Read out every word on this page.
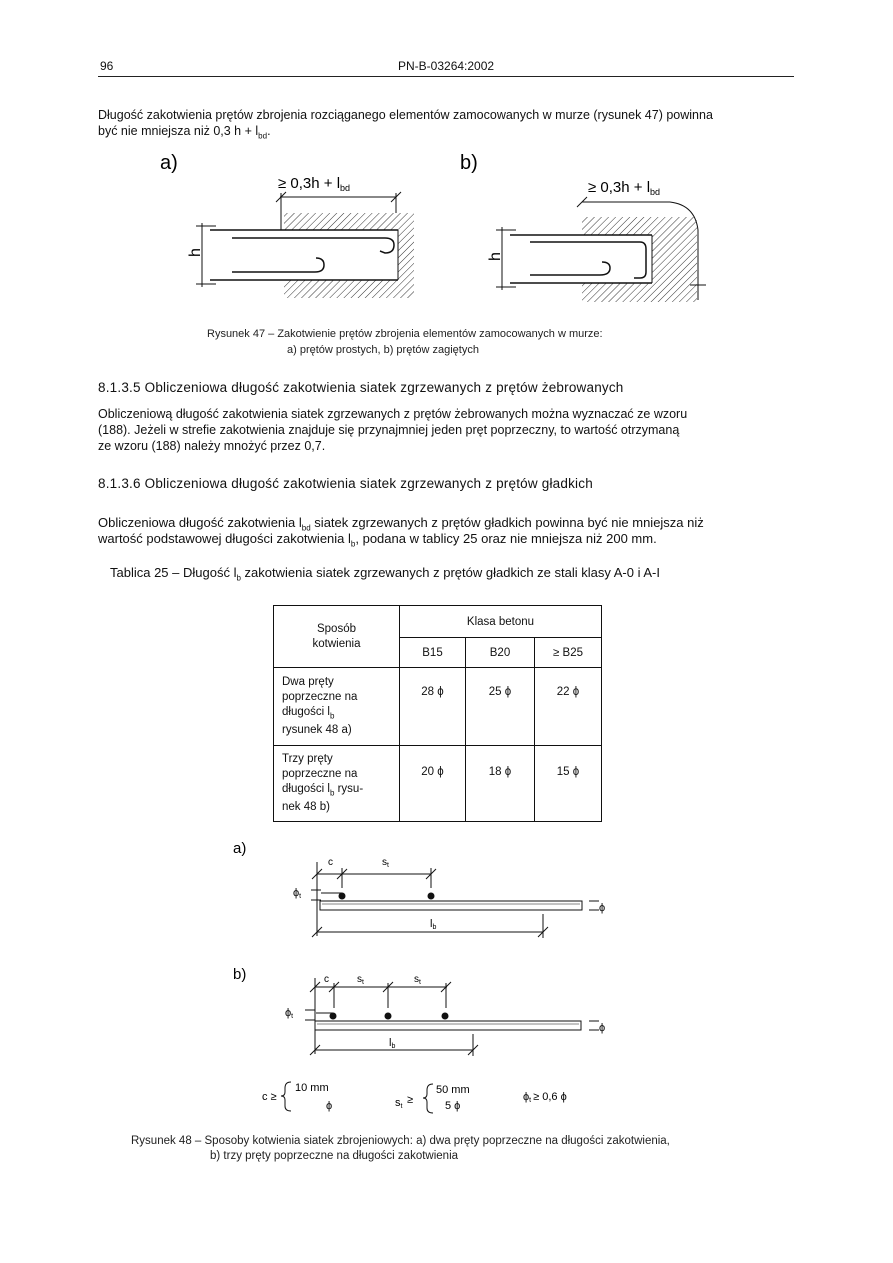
96	PN-B-03264:2002
Długość zakotwienia prętów zbrojenia rozciąganego elementów zamocowanych w murze (rysunek 47) powinna
być nie mniejsza niż 0,3 $h + l_{bd}$.
a)
≥ $0,3h + l_{bd}$
h
b)
≥ $0,3h + l_{bd}$
h
Rysunek 47 – Zakotwienie prętów zbrojenia elementów zamocowanych w murze:
a) prętów prostych, b) prętów zagiętych
8.1.3.5 Obliczeniowa długość zakotwienia siatek zgrzewanych z prętów żebrowanych
Obliczeniową długość zakotwienia siatek zgrzewanych z prętów żebrowanych można wyznaczać ze wzoru
(188). Jeżeli w strefie zakotwienia znajduje się przynajmniej jeden pręt poprzeczny, to wartość otrzymaną
ze wzoru (188) należy mnożyć przez 0,7.
8.1.3.6 Obliczeniowa długość zakotwienia siatek zgrzewanych z prętów gładkich
Obliczeniowa długość zakotwienia $l_{bd}$ siatek zgrzewanych z prętów gładkich powinna być nie mniejsza niż
wartość podstawowej długości zakotwienia $l_b$, podana w tablicy 25 oraz nie mniejsza niż 200 mm.
Tablica 25 – Długość $l_b$ zakotwienia siatek zgrzewanych z prętów gładkich ze stali klasy A-0 i A-I
Sposób kotwienia	Klasa betonu		
	B15	B20	≥ B25

Dwa pręty
poprzeczne na
długości $l_b$
rysunek 48 a)	28 ϕ	25 ϕ	22 ϕ

Trzy pręty
poprzeczne na
długości $l_b$ rysu-
nek 48 b)	20 ϕ	18 ϕ	15 ϕ
a)
c	$s_t$
ϕt
ϕ
lb
b)	c	$s_t$	$s_t$
ϕt
ϕ
lb
c ≥
10 mm
ϕ	st
≥
50 mm
5 ϕ
ϕt ≥ 0,6 ϕ
Rysunek 48 – Sposoby kotwienia siatek zbrojeniowych: a) dwa pręty poprzeczne na długości zakotwienia,
b) trzy pręty poprzeczne na długości zakotwienia
